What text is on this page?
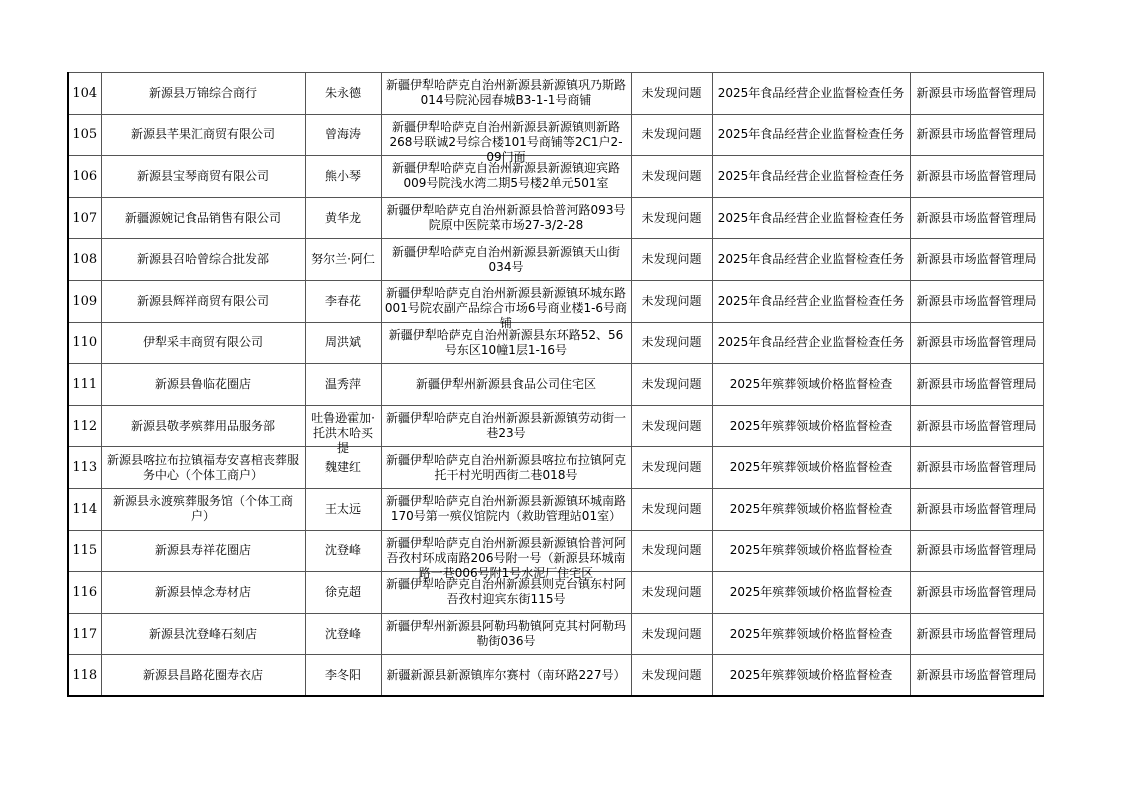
104	新源县万锦综合商行	朱永德	新疆伊犁哈萨克自治州新源县新源镇巩乃斯路014号院沁园春城B3-1-1号商铺	未发现问题	2025年食品经营企业监督检查任务	新源县市场监督管理局

105	新源县芊果汇商贸有限公司	曾海涛	新疆伊犁哈萨克自治州新源县新源镇则新路268号联诚2号综合楼101号商铺等2C1户2-09门面	未发现问题	2025年食品经营企业监督检查任务	新源县市场监督管理局

106	新源县宝琴商贸有限公司	熊小琴	新疆伊犁哈萨克自治州新源县新源镇迎宾路009号院浅水湾二期5号楼2单元501室	未发现问题	2025年食品经营企业监督检查任务	新源县市场监督管理局

107	新疆源婉记食品销售有限公司	黄华龙	新疆伊犁哈萨克自治州新源县恰普河路093号院原中医院菜市场27-3/2-28	未发现问题	2025年食品经营企业监督检查任务	新源县市场监督管理局

108	新源县召哈曾综合批发部	努尔兰·阿仁	新疆伊犁哈萨克自治州新源县新源镇天山街034号	未发现问题	2025年食品经营企业监督检查任务	新源县市场监督管理局

109	新源县辉祥商贸有限公司	李春花	新疆伊犁哈萨克自治州新源县新源镇环城东路001号院农副产品综合市场6号商业楼1-6号商铺	未发现问题	2025年食品经营企业监督检查任务	新源县市场监督管理局

110	伊犁采丰商贸有限公司	周洪斌	新疆伊犁哈萨克自治州新源县东环路52、56号东区10幢1层1-16号	未发现问题	2025年食品经营企业监督检查任务	新源县市场监督管理局

111	新源县鲁临花圈店	温秀萍	新疆伊犁州新源县食品公司住宅区	未发现问题	2025年殡葬领域价格监督检查	新源县市场监督管理局

112	新源县敬孝殡葬用品服务部	吐鲁逊霍加·托洪木哈买提	新疆伊犁哈萨克自治州新源县新源镇劳动街一巷23号	未发现问题	2025年殡葬领域价格监督检查	新源县市场监督管理局

113	新源县喀拉布拉镇福寿安喜棺丧葬服务中心（个体工商户）	魏建红	新疆伊犁哈萨克自治州新源县喀拉布拉镇阿克托干村光明西街二巷018号	未发现问题	2025年殡葬领域价格监督检查	新源县市场监督管理局

114	新源县永渡殡葬服务馆（个体工商户）	王太远	新疆伊犁哈萨克自治州新源县新源镇环城南路170号第一殡仪馆院内（救助管理站01室）	未发现问题	2025年殡葬领域价格监督检查	新源县市场监督管理局

115	新源县寿祥花圈店	沈登峰	新疆伊犁哈萨克自治州新源县新源镇恰普河阿吾孜村环成南路206号附一号（新源县环城南路一巷006号附1号水泥厂住宅区	未发现问题	2025年殡葬领域价格监督检查	新源县市场监督管理局

116	新源县悼念寿材店	徐克超	新疆伊犁哈萨克自治州新源县则克台镇东村阿吾孜村迎宾东街115号	未发现问题	2025年殡葬领域价格监督检查	新源县市场监督管理局

117	新源县沈登峰石刻店	沈登峰	新疆伊犁州新源县阿勒玛勒镇阿克其村阿勒玛勒街036号	未发现问题	2025年殡葬领域价格监督检查	新源县市场监督管理局

118	新源县昌路花圈寿衣店	李冬阳	新疆新源县新源镇库尔赛村（南环路227号）	未发现问题	2025年殡葬领域价格监督检查	新源县市场监督管理局
